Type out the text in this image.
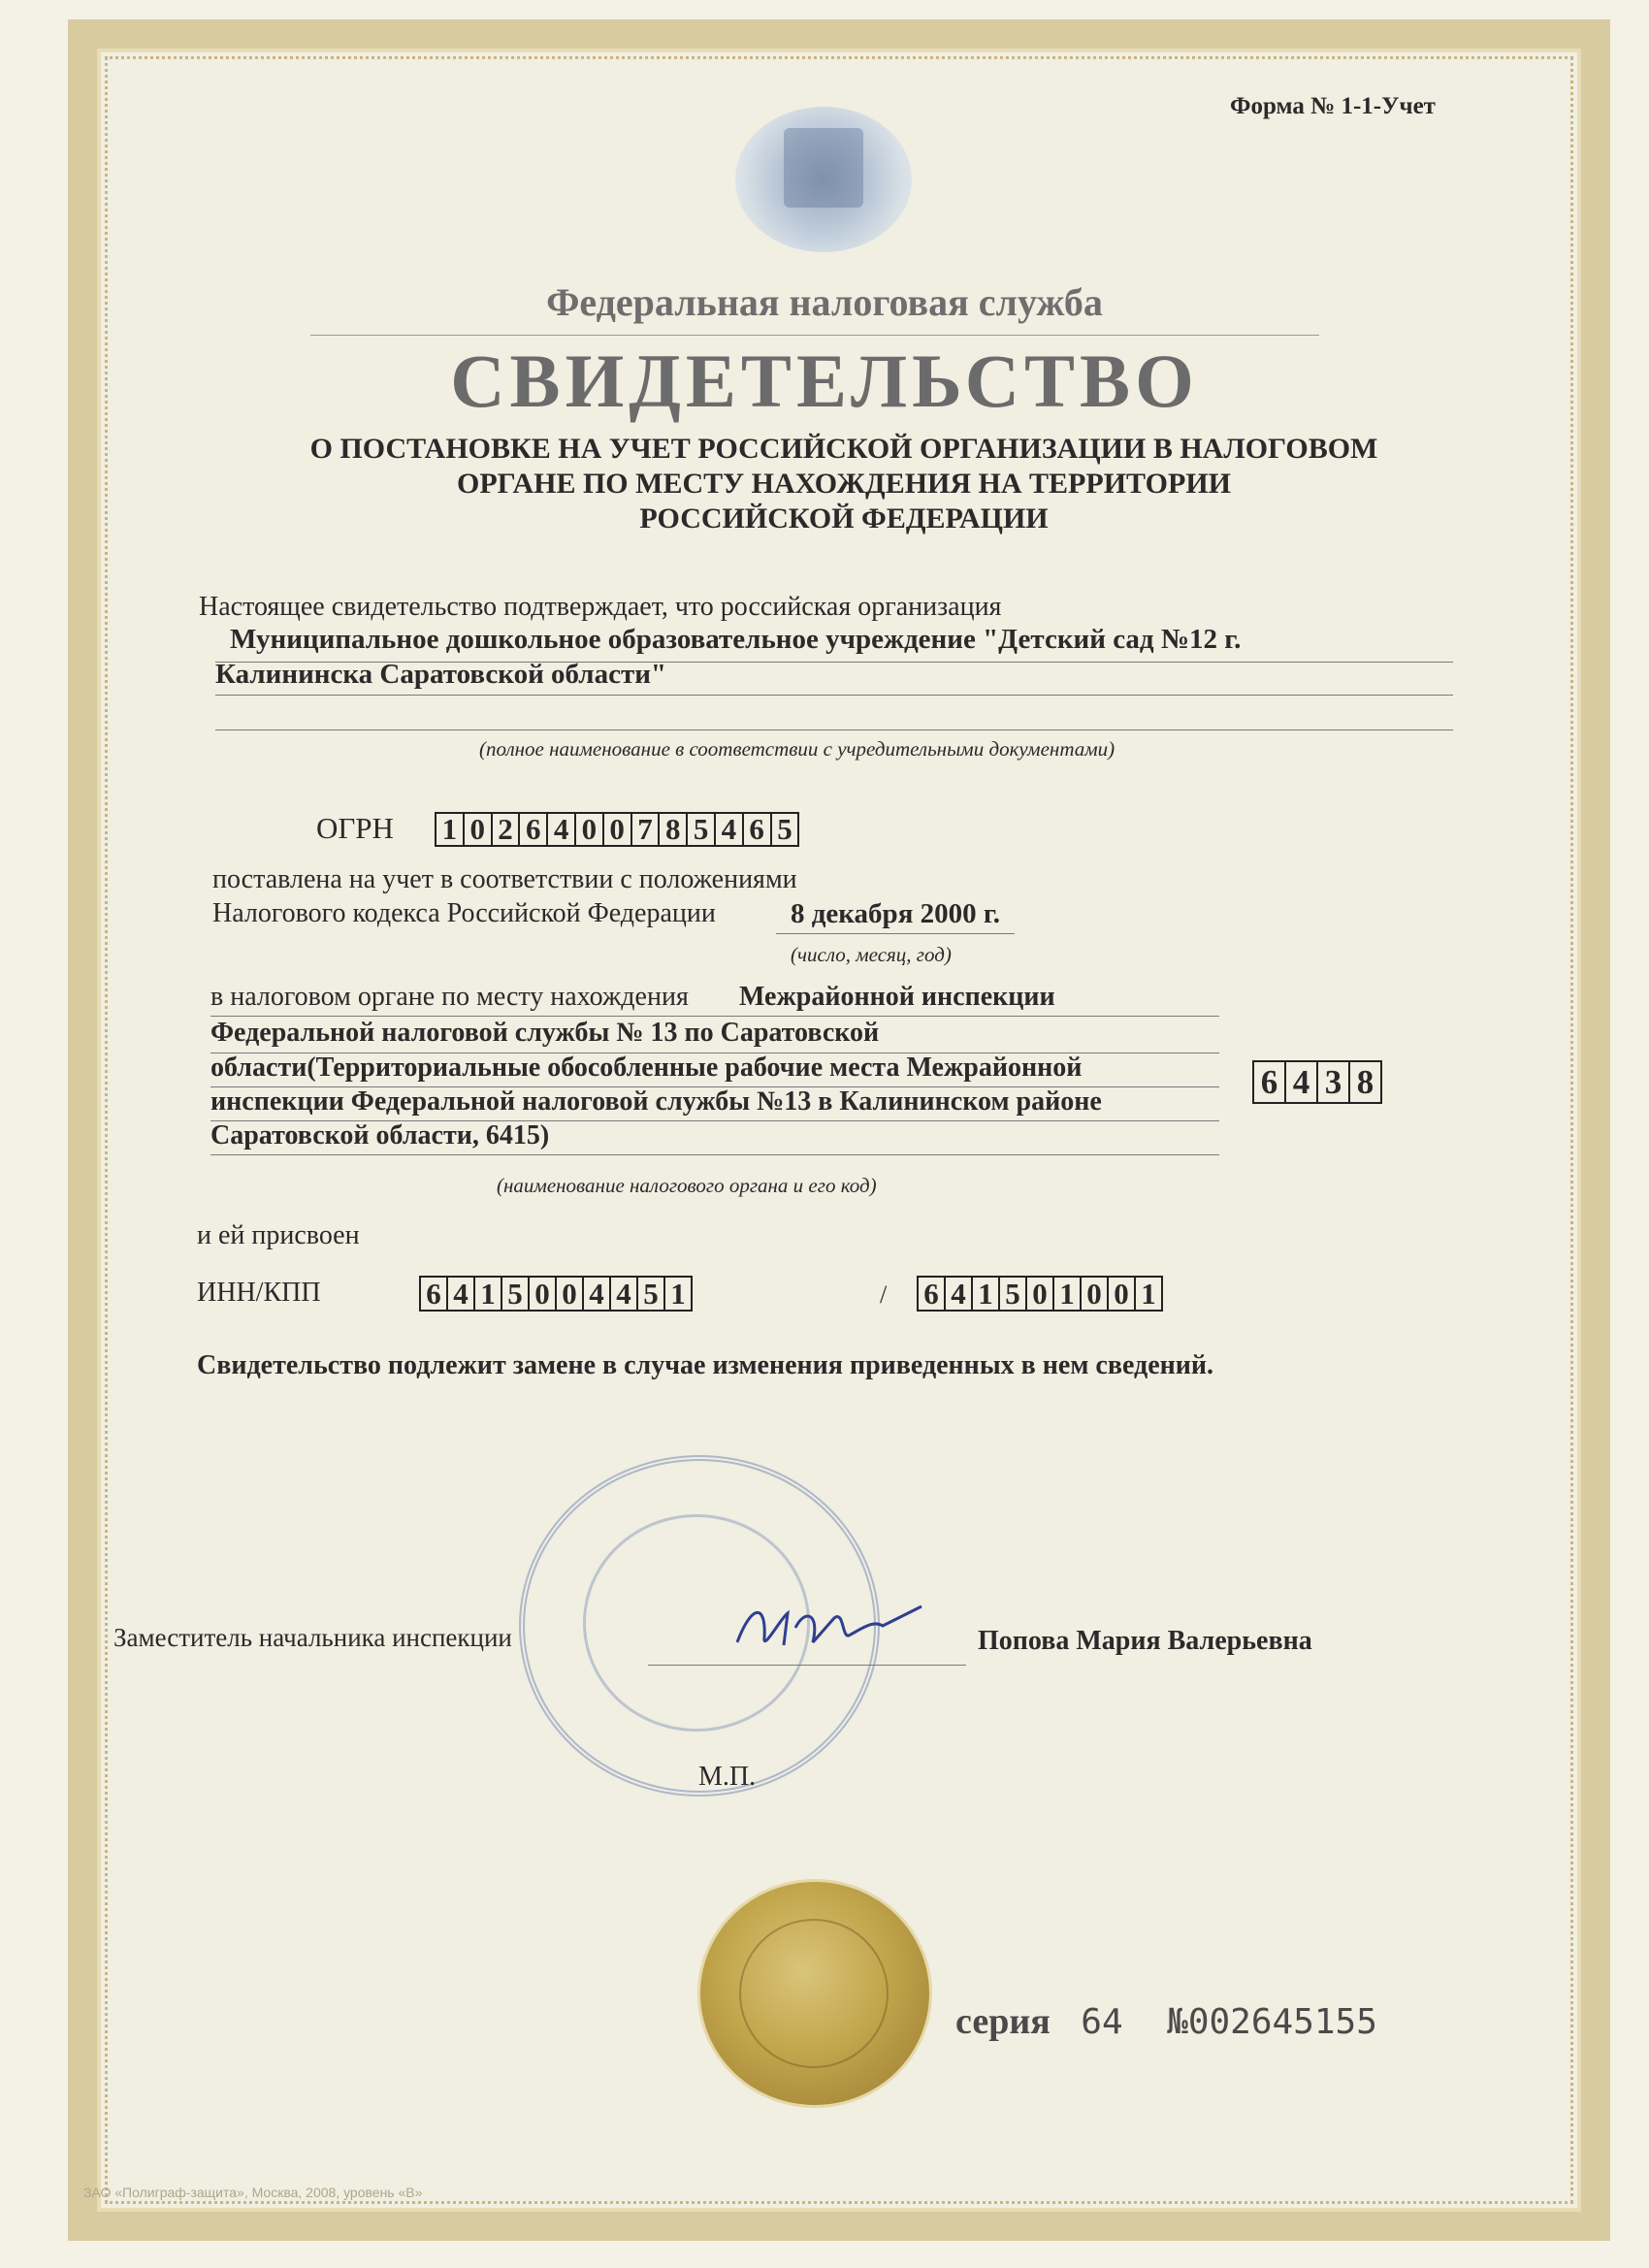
Форма № 1-1-Учет
Федеральная налоговая служба
СВИДЕТЕЛЬСТВО
О ПОСТАНОВКЕ НА УЧЕТ РОССИЙСКОЙ ОРГАНИЗАЦИИ В НАЛОГОВОМ
ОРГАНЕ ПО МЕСТУ НАХОЖДЕНИЯ НА ТЕРРИТОРИИ
РОССИЙСКОЙ ФЕДЕРАЦИИ
Настоящее свидетельство подтверждает, что российская организация
Муниципальное дошкольное образовательное учреждение "Детский сад №12 г.
Калининска Саратовской области"
(полное наименование в соответствии с учредительными документами)
ОГРН 1 0 2 6 4 0 0 7 8 5 4 6 5
поставлена на учет в соответствии с положениями
Налогового кодекса Российской Федерации	8 декабря 2000 г.
(число, месяц, год)
в налоговом органе по месту нахождения Межрайонной инспекции
Федеральной налоговой службы № 13 по Саратовской
области(Территориальные обособленные рабочие места Межрайонной
инспекции Федеральной налоговой службы №13 в Калининском районе
Саратовской области, 6415)
(наименование налогового органа и его код)
6 4 3 8
и ей присвоен
ИНН/КПП	6 4 1 5 0 0 4 4 5 1	/ 6 4 1 5 0 1 0 0 1
Свидетельство подлежит замене в случае изменения приведенных в нем сведений.
Заместитель начальника инспекции	Попова Мария Валерьевна
М.П.
серия 64 №002645155
ЗАО «Полиграф-защита», Москва, 2008, уровень «В»
